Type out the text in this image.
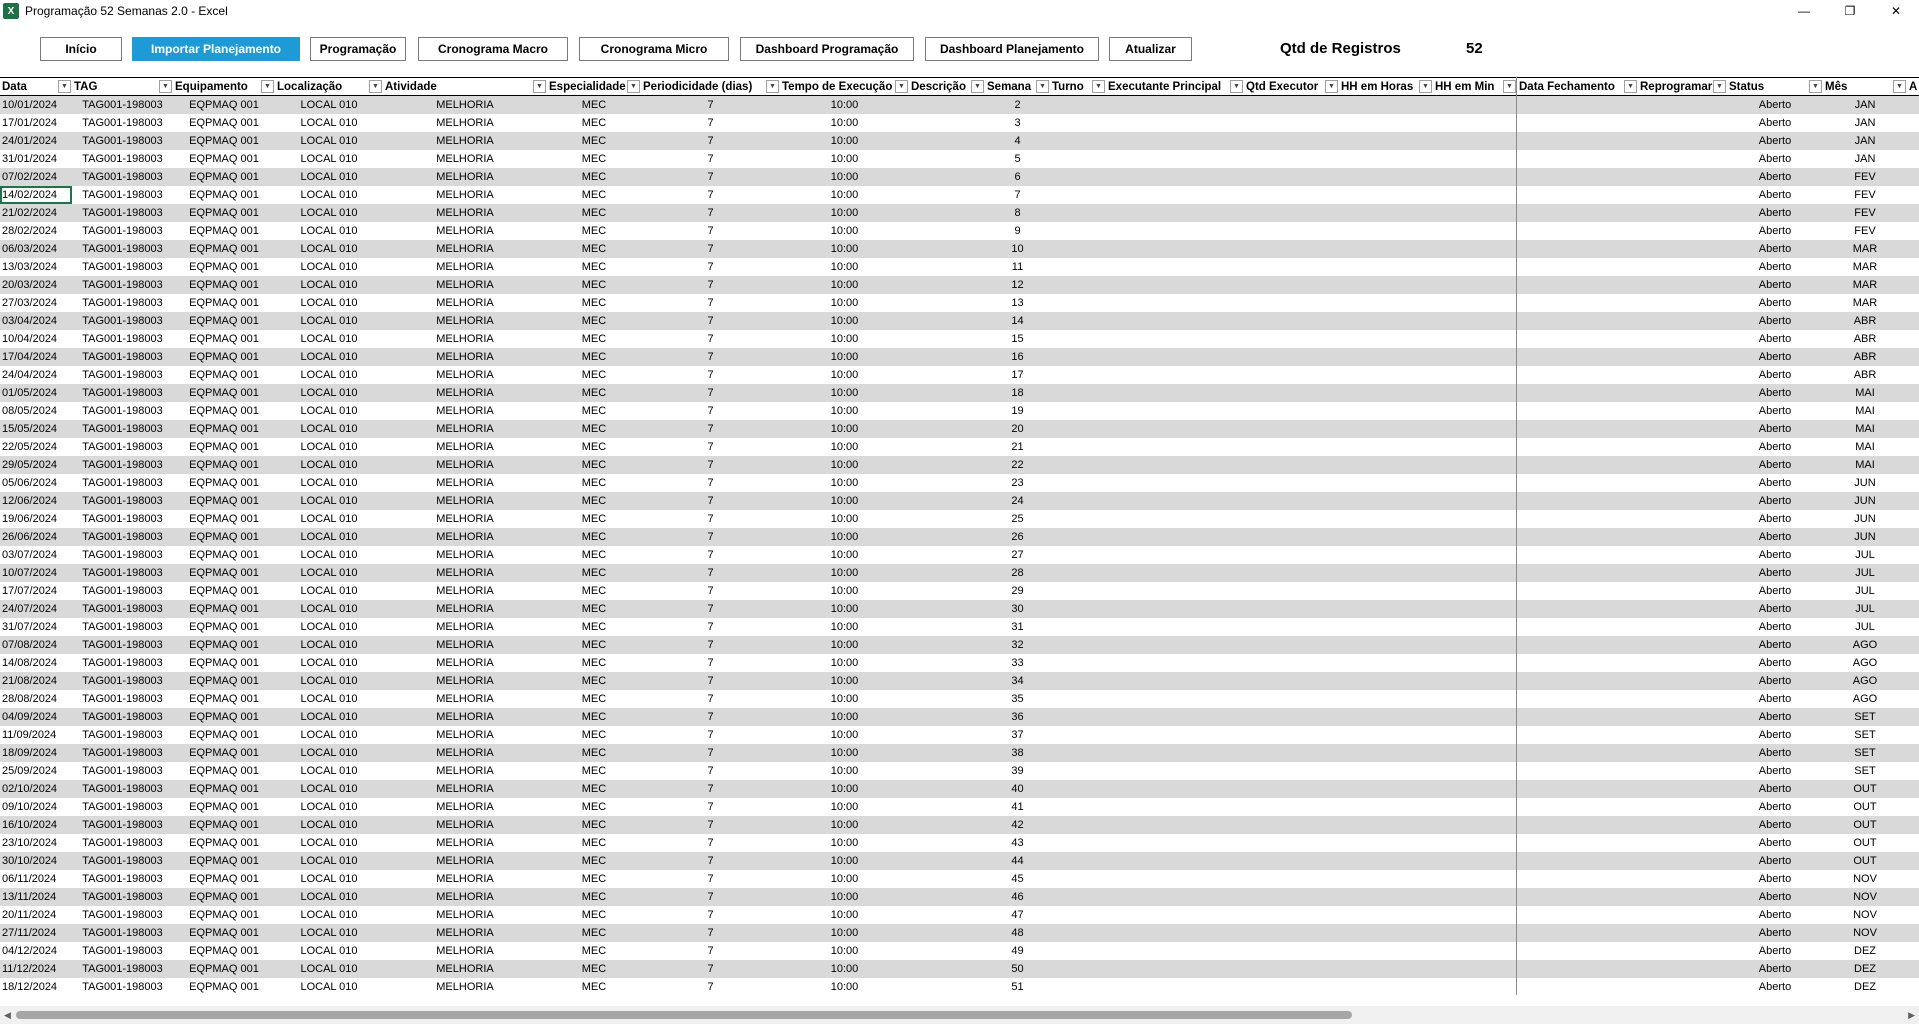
X Programação 52 Semanas 2.0 - Excel	—	❐	✕
Início	Importar Planejamento	Programação	Cronograma Macro	Cronograma Micro	Dashboard Programação	Dashboard Planejamento	Atualizar	Qtd de Registros	52
Data ▼	TAG ▼	Equipamento ▼	Localização ▼	Atividade ▼	Especialidade ▼	Periodicidade (dias) ▼	Tempo de Execução ▼	Descrição ▼	Semana ▼	Turno ▼	Executante Principal ▼	Qtd Executor ▼	HH em Horas ▼	HH em Min ▼	Data Fechamento ▼	Reprogramar ▼	Status ▼	Mês ▼	A
10/01/2024	TAG001-198003	EQPMAQ 001	LOCAL 010	MELHORIA	MEC	7	10:00		2								Aberto	JAN	
17/01/2024	TAG001-198003	EQPMAQ 001	LOCAL 010	MELHORIA	MEC	7	10:00		3								Aberto	JAN	
24/01/2024	TAG001-198003	EQPMAQ 001	LOCAL 010	MELHORIA	MEC	7	10:00		4								Aberto	JAN	
31/01/2024	TAG001-198003	EQPMAQ 001	LOCAL 010	MELHORIA	MEC	7	10:00		5								Aberto	JAN	
07/02/2024	TAG001-198003	EQPMAQ 001	LOCAL 010	MELHORIA	MEC	7	10:00		6								Aberto	FEV	
14/02/2024	TAG001-198003	EQPMAQ 001	LOCAL 010	MELHORIA	MEC	7	10:00		7								Aberto	FEV	
21/02/2024	TAG001-198003	EQPMAQ 001	LOCAL 010	MELHORIA	MEC	7	10:00		8								Aberto	FEV	
28/02/2024	TAG001-198003	EQPMAQ 001	LOCAL 010	MELHORIA	MEC	7	10:00		9								Aberto	FEV	
06/03/2024	TAG001-198003	EQPMAQ 001	LOCAL 010	MELHORIA	MEC	7	10:00		10								Aberto	MAR	
13/03/2024	TAG001-198003	EQPMAQ 001	LOCAL 010	MELHORIA	MEC	7	10:00		11								Aberto	MAR	
20/03/2024	TAG001-198003	EQPMAQ 001	LOCAL 010	MELHORIA	MEC	7	10:00		12								Aberto	MAR	
27/03/2024	TAG001-198003	EQPMAQ 001	LOCAL 010	MELHORIA	MEC	7	10:00		13								Aberto	MAR	
03/04/2024	TAG001-198003	EQPMAQ 001	LOCAL 010	MELHORIA	MEC	7	10:00		14								Aberto	ABR	
10/04/2024	TAG001-198003	EQPMAQ 001	LOCAL 010	MELHORIA	MEC	7	10:00		15								Aberto	ABR	
17/04/2024	TAG001-198003	EQPMAQ 001	LOCAL 010	MELHORIA	MEC	7	10:00		16								Aberto	ABR	
24/04/2024	TAG001-198003	EQPMAQ 001	LOCAL 010	MELHORIA	MEC	7	10:00		17								Aberto	ABR	
01/05/2024	TAG001-198003	EQPMAQ 001	LOCAL 010	MELHORIA	MEC	7	10:00		18								Aberto	MAI	
08/05/2024	TAG001-198003	EQPMAQ 001	LOCAL 010	MELHORIA	MEC	7	10:00		19								Aberto	MAI	
15/05/2024	TAG001-198003	EQPMAQ 001	LOCAL 010	MELHORIA	MEC	7	10:00		20								Aberto	MAI	
22/05/2024	TAG001-198003	EQPMAQ 001	LOCAL 010	MELHORIA	MEC	7	10:00		21								Aberto	MAI	
29/05/2024	TAG001-198003	EQPMAQ 001	LOCAL 010	MELHORIA	MEC	7	10:00		22								Aberto	MAI	
05/06/2024	TAG001-198003	EQPMAQ 001	LOCAL 010	MELHORIA	MEC	7	10:00		23								Aberto	JUN	
12/06/2024	TAG001-198003	EQPMAQ 001	LOCAL 010	MELHORIA	MEC	7	10:00		24								Aberto	JUN	
19/06/2024	TAG001-198003	EQPMAQ 001	LOCAL 010	MELHORIA	MEC	7	10:00		25								Aberto	JUN	
26/06/2024	TAG001-198003	EQPMAQ 001	LOCAL 010	MELHORIA	MEC	7	10:00		26								Aberto	JUN	
03/07/2024	TAG001-198003	EQPMAQ 001	LOCAL 010	MELHORIA	MEC	7	10:00		27								Aberto	JUL	
10/07/2024	TAG001-198003	EQPMAQ 001	LOCAL 010	MELHORIA	MEC	7	10:00		28								Aberto	JUL	
17/07/2024	TAG001-198003	EQPMAQ 001	LOCAL 010	MELHORIA	MEC	7	10:00		29								Aberto	JUL	
24/07/2024	TAG001-198003	EQPMAQ 001	LOCAL 010	MELHORIA	MEC	7	10:00		30								Aberto	JUL	
31/07/2024	TAG001-198003	EQPMAQ 001	LOCAL 010	MELHORIA	MEC	7	10:00		31								Aberto	JUL	
07/08/2024	TAG001-198003	EQPMAQ 001	LOCAL 010	MELHORIA	MEC	7	10:00		32								Aberto	AGO	
14/08/2024	TAG001-198003	EQPMAQ 001	LOCAL 010	MELHORIA	MEC	7	10:00		33								Aberto	AGO	
21/08/2024	TAG001-198003	EQPMAQ 001	LOCAL 010	MELHORIA	MEC	7	10:00		34								Aberto	AGO	
28/08/2024	TAG001-198003	EQPMAQ 001	LOCAL 010	MELHORIA	MEC	7	10:00		35								Aberto	AGO	
04/09/2024	TAG001-198003	EQPMAQ 001	LOCAL 010	MELHORIA	MEC	7	10:00		36								Aberto	SET	
11/09/2024	TAG001-198003	EQPMAQ 001	LOCAL 010	MELHORIA	MEC	7	10:00		37								Aberto	SET	
18/09/2024	TAG001-198003	EQPMAQ 001	LOCAL 010	MELHORIA	MEC	7	10:00		38								Aberto	SET	
25/09/2024	TAG001-198003	EQPMAQ 001	LOCAL 010	MELHORIA	MEC	7	10:00		39								Aberto	SET	
02/10/2024	TAG001-198003	EQPMAQ 001	LOCAL 010	MELHORIA	MEC	7	10:00		40								Aberto	OUT	
09/10/2024	TAG001-198003	EQPMAQ 001	LOCAL 010	MELHORIA	MEC	7	10:00		41								Aberto	OUT	
16/10/2024	TAG001-198003	EQPMAQ 001	LOCAL 010	MELHORIA	MEC	7	10:00		42								Aberto	OUT	
23/10/2024	TAG001-198003	EQPMAQ 001	LOCAL 010	MELHORIA	MEC	7	10:00		43								Aberto	OUT	
30/10/2024	TAG001-198003	EQPMAQ 001	LOCAL 010	MELHORIA	MEC	7	10:00		44								Aberto	OUT	
06/11/2024	TAG001-198003	EQPMAQ 001	LOCAL 010	MELHORIA	MEC	7	10:00		45								Aberto	NOV	
13/11/2024	TAG001-198003	EQPMAQ 001	LOCAL 010	MELHORIA	MEC	7	10:00		46								Aberto	NOV	
20/11/2024	TAG001-198003	EQPMAQ 001	LOCAL 010	MELHORIA	MEC	7	10:00		47								Aberto	NOV	
27/11/2024	TAG001-198003	EQPMAQ 001	LOCAL 010	MELHORIA	MEC	7	10:00		48								Aberto	NOV	
04/12/2024	TAG001-198003	EQPMAQ 001	LOCAL 010	MELHORIA	MEC	7	10:00		49								Aberto	DEZ	
11/12/2024	TAG001-198003	EQPMAQ 001	LOCAL 010	MELHORIA	MEC	7	10:00		50								Aberto	DEZ	
18/12/2024	TAG001-198003	EQPMAQ 001	LOCAL 010	MELHORIA	MEC	7	10:00		51								Aberto	DEZ	
◀	▶
